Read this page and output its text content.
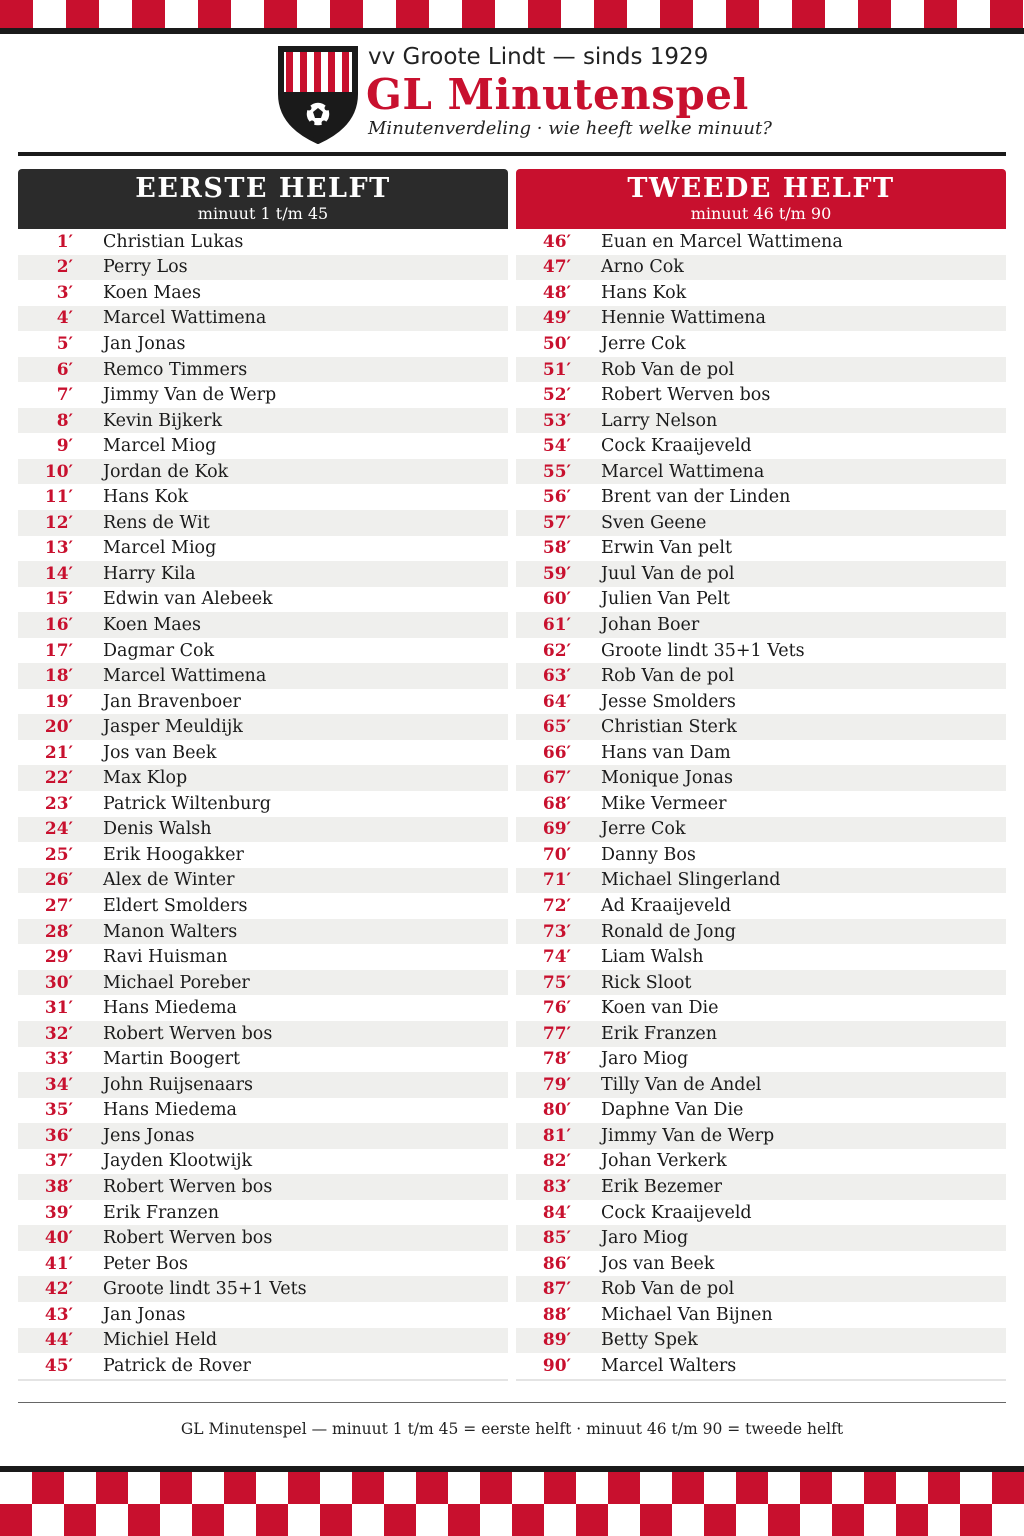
vv Groote Lindt — sinds 1929
GL Minutenspel
Minutenverdeling · wie heeft welke minuut?
EERSTE HELFT
minuut 1 t/m 45
1′	Christian Lukas
2′	Perry Los
3′	Koen Maes
4′	Marcel Wattimena
5′	Jan Jonas
6′	Remco Timmers
7′	Jimmy Van de Werp
8′	Kevin Bijkerk
9′	Marcel Miog
10′	Jordan de Kok
11′	Hans Kok
12′	Rens de Wit
13′	Marcel Miog
14′	Harry Kila
15′	Edwin van Alebeek
16′	Koen Maes
17′	Dagmar Cok
18′	Marcel Wattimena
19′	Jan Bravenboer
20′	Jasper Meuldijk
21′	Jos van Beek
22′	Max Klop
23′	Patrick Wiltenburg
24′	Denis Walsh
25′	Erik Hoogakker
26′	Alex de Winter
27′	Eldert Smolders
28′	Manon Walters
29′	Ravi Huisman
30′	Michael Poreber
31′	Hans Miedema
32′	Robert Werven bos
33′	Martin Boogert
34′	John Ruijsenaars
35′	Hans Miedema
36′	Jens Jonas
37′	Jayden Klootwijk
38′	Robert Werven bos
39′	Erik Franzen
40′	Robert Werven bos
41′	Peter Bos
42′	Groote lindt 35+1 Vets
43′	Jan Jonas
44′	Michiel Held
45′	Patrick de Rover
TWEEDE HELFT
minuut 46 t/m 90
46′	Euan en Marcel Wattimena
47′	Arno Cok
48′	Hans Kok
49′	Hennie Wattimena
50′	Jerre Cok
51′	Rob Van de pol
52′	Robert Werven bos
53′	Larry Nelson
54′	Cock Kraaijeveld
55′	Marcel Wattimena
56′	Brent van der Linden
57′	Sven Geene
58′	Erwin Van pelt
59′	Juul Van de pol
60′	Julien Van Pelt
61′	Johan Boer
62′	Groote lindt 35+1 Vets
63′	Rob Van de pol
64′	Jesse Smolders
65′	Christian Sterk
66′	Hans van Dam
67′	Monique Jonas
68′	Mike Vermeer
69′	Jerre Cok
70′	Danny Bos
71′	Michael Slingerland
72′	Ad Kraaijeveld
73′	Ronald de Jong
74′	Liam Walsh
75′	Rick Sloot
76′	Koen van Die
77′	Erik Franzen
78′	Jaro Miog
79′	Tilly Van de Andel
80′	Daphne Van Die
81′	Jimmy Van de Werp
82′	Johan Verkerk
83′	Erik Bezemer
84′	Cock Kraaijeveld
85′	Jaro Miog
86′	Jos van Beek
87′	Rob Van de pol
88′	Michael Van Bijnen
89′	Betty Spek
90′	Marcel Walters
GL Minutenspel — minuut 1 t/m 45 = eerste helft · minuut 46 t/m 90 = tweede helft
